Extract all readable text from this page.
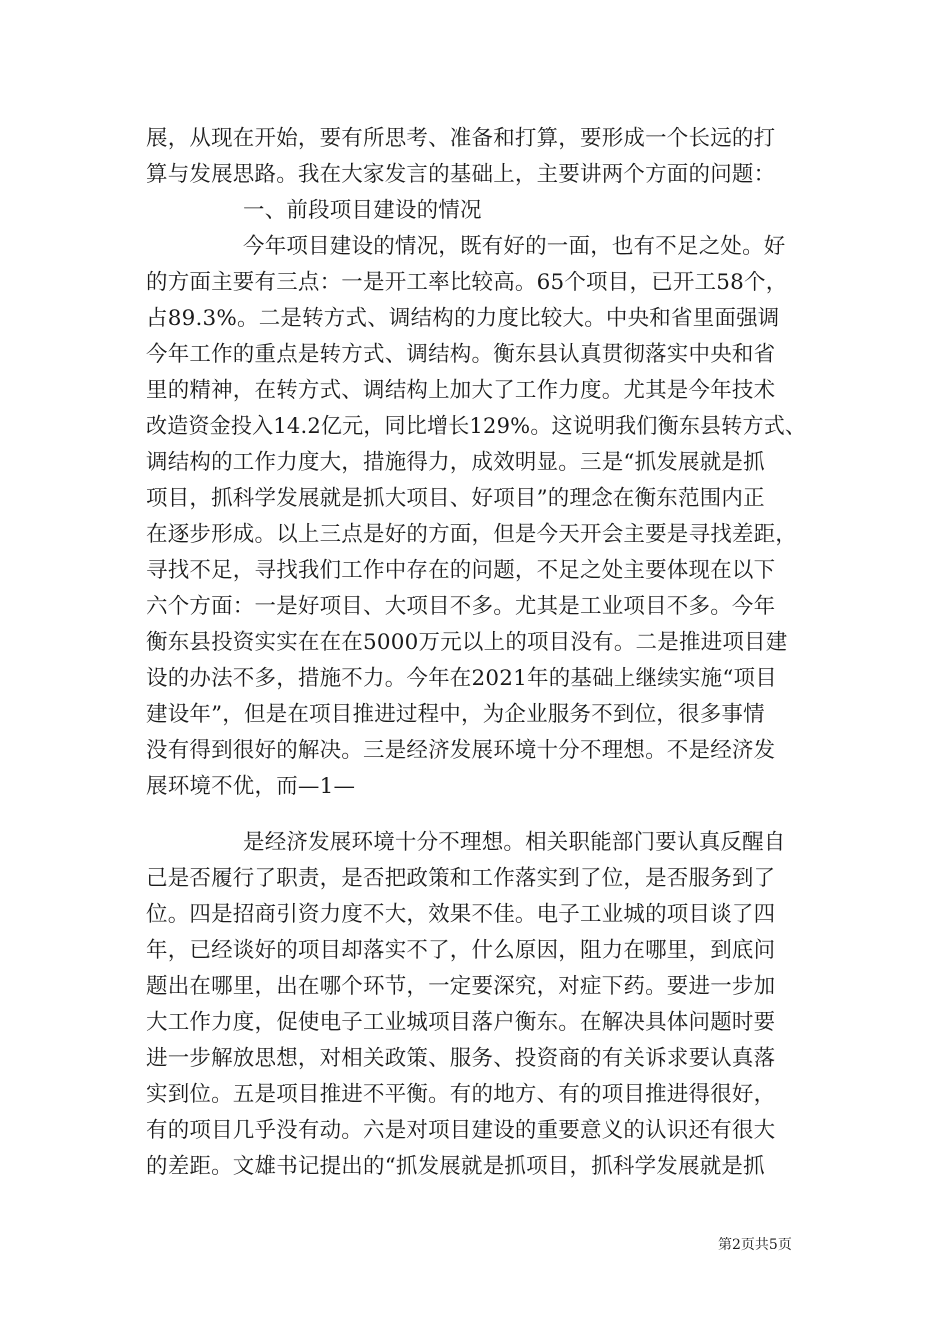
展，从现在开始，要有所思考、准备和打算，要形成一个长远的打
算与发展思路。我在大家发言的基础上，主要讲两个方面的问题：
一、前段项目建设的情况
今年项目建设的情况，既有好的一面，也有不足之处。好
的方面主要有三点：一是开工率比较高。65个项目，已开工58个，
占89.3%。二是转方式、调结构的力度比较大。中央和省里面强调
今年工作的重点是转方式、调结构。衡东县认真贯彻落实中央和省
里的精神，在转方式、调结构上加大了工作力度。尤其是今年技术
改造资金投入14.2亿元，同比增长129%。这说明我们衡东县转方式、
调结构的工作力度大，措施得力，成效明显。三是“抓发展就是抓
项目，抓科学发展就是抓大项目、好项目”的理念在衡东范围内正
在逐步形成。以上三点是好的方面，但是今天开会主要是寻找差距，
寻找不足，寻找我们工作中存在的问题，不足之处主要体现在以下
六个方面：一是好项目、大项目不多。尤其是工业项目不多。今年
衡东县投资实实在在在5000万元以上的项目没有。二是推进项目建
设的办法不多，措施不力。今年在2021年的基础上继续实施“项目
建设年”，但是在项目推进过程中，为企业服务不到位，很多事情
没有得到很好的解决。三是经济发展环境十分不理想。不是经济发
展环境不优，而—1—
是经济发展环境十分不理想。相关职能部门要认真反醒自
己是否履行了职责，是否把政策和工作落实到了位，是否服务到了
位。四是招商引资力度不大，效果不佳。电子工业城的项目谈了四
年，已经谈好的项目却落实不了，什么原因，阻力在哪里，到底问
题出在哪里，出在哪个环节，一定要深究，对症下药。要进一步加
大工作力度，促使电子工业城项目落户衡东。在解决具体问题时要
进一步解放思想，对相关政策、服务、投资商的有关诉求要认真落
实到位。五是项目推进不平衡。有的地方、有的项目推进得很好，
有的项目几乎没有动。六是对项目建设的重要意义的认识还有很大
的差距。文雄书记提出的“抓发展就是抓项目，抓科学发展就是抓
第2页共5页
